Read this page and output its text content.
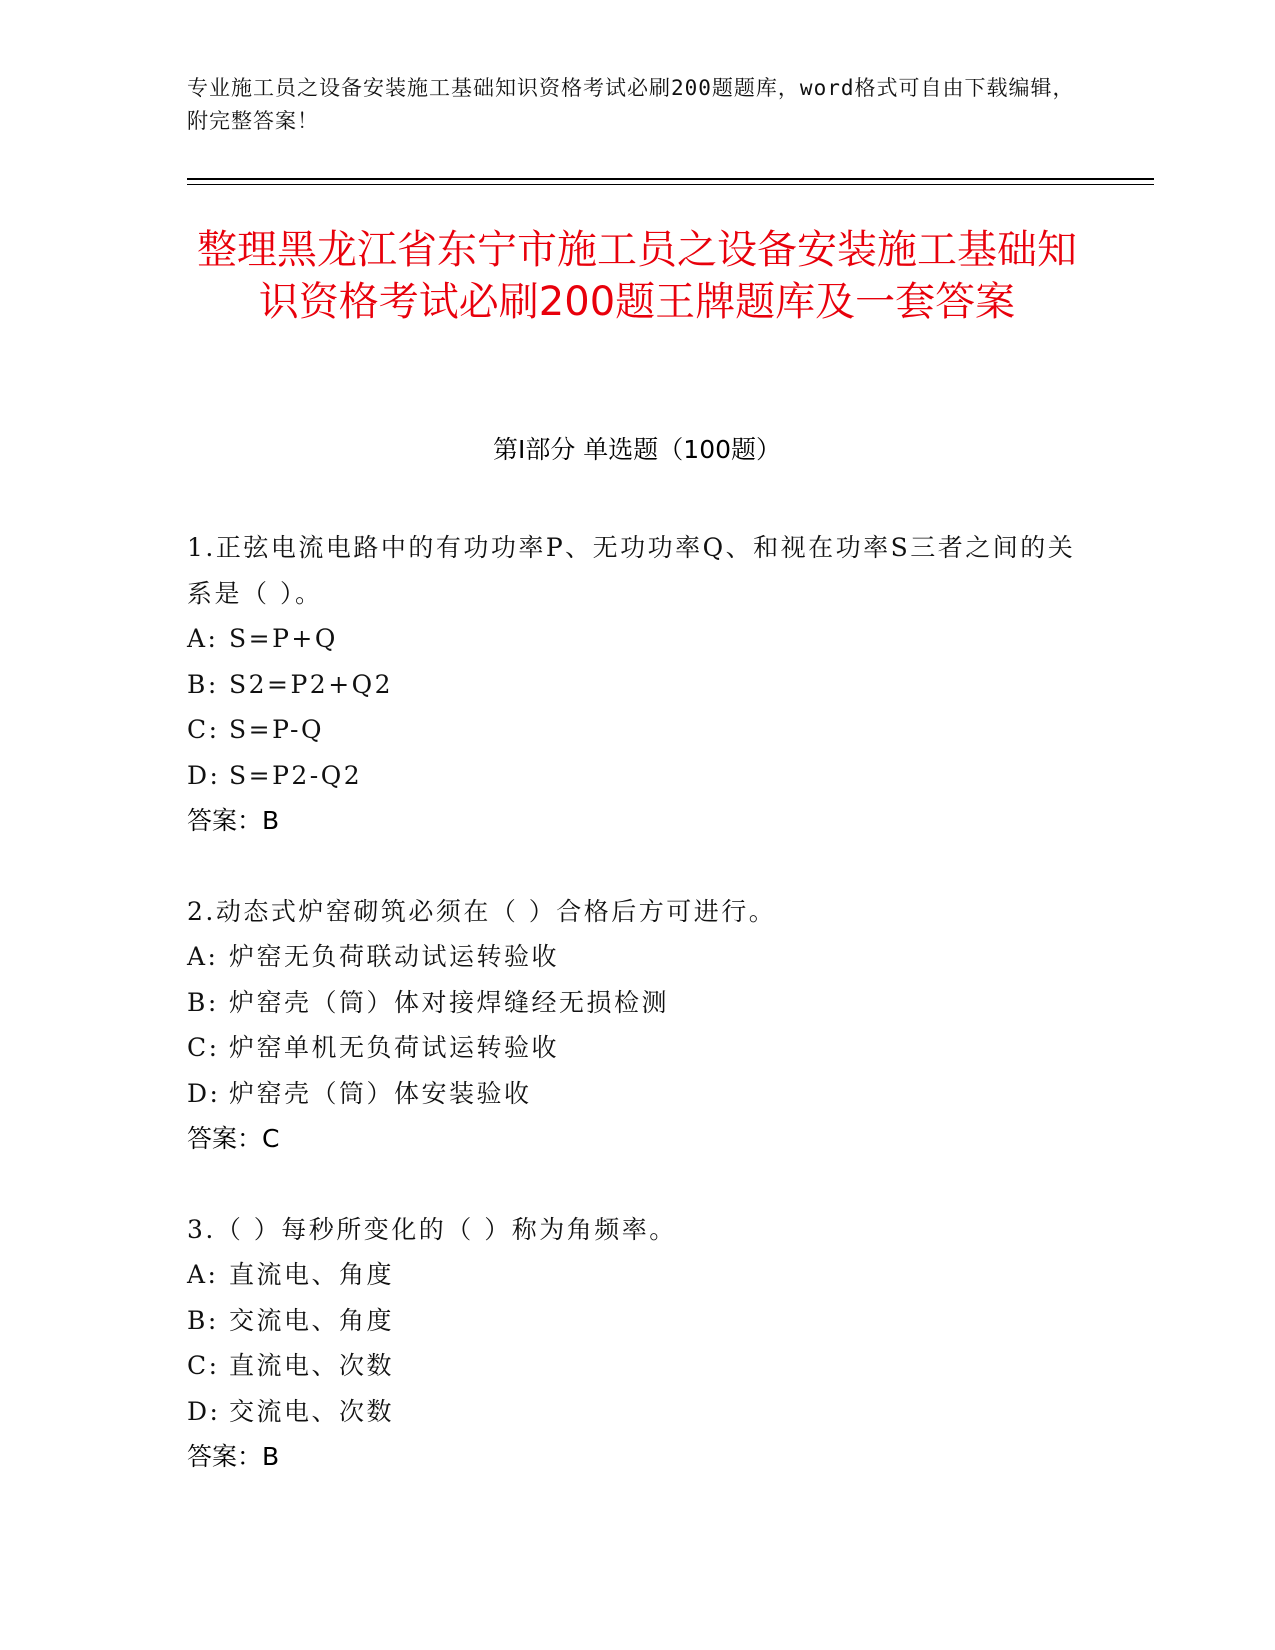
专业施工员之设备安装施工基础知识资格考试必刷200题题库，word格式可自由下载编辑，附完整答案！
整理黑龙江省东宁市施工员之设备安装施工基础知识资格考试必刷200题王牌题库及一套答案
第Ⅰ部分 单选题（100题）
1.正弦电流电路中的有功功率P、无功功率Q、和视在功率S三者之间的关系是（ ）。
A: S=P+Q
B: S2=P2+Q2
C: S=P-Q
D: S=P2-Q2
答案：B
2.动态式炉窑砌筑必须在（ ）合格后方可进行。
A: 炉窑无负荷联动试运转验收
B: 炉窑壳（筒）体对接焊缝经无损检测
C: 炉窑单机无负荷试运转验收
D: 炉窑壳（筒）体安装验收
答案：C
3.（ ）每秒所变化的（ ）称为角频率。
A: 直流电、角度
B: 交流电、角度
C: 直流电、次数
D: 交流电、次数
答案：B
